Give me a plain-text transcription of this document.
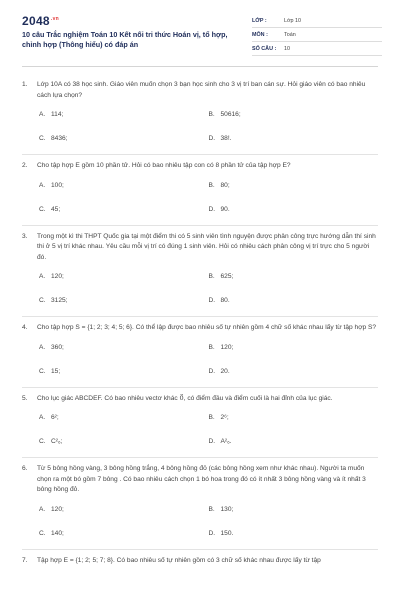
$2048^{.vn}$
10 câu Trắc nghiệm Toán 10 Kết nối tri thức Hoán vị, tổ hợp, chỉnh hợp (Thông hiểu) có đáp án
LỚP :	Lớp 10
MÔN :	Toán
SỐ CÂU :	10
1.	Lớp 10A có 38 học sinh. Giáo viên muốn chọn 3 bạn học sinh cho 3 vị trí ban cán sự. Hỏi giáo viên có bao nhiêu cách lựa chọn?
A. 114;	B. 50616;
C. 8436;	D. 38!.
2.	Cho tập hợp E gồm 10 phần tử. Hỏi có bao nhiêu tập con có 8 phần tử của tập hợp E?
A. 100;	B. 80;
C. 45;	D. 90.
3.	Trong một kì thi THPT Quốc gia tại một điểm thi có 5 sinh viên tình nguyện được phân công trực hướng dẫn thí sinh thi ở 5 vị trí khác nhau. Yêu cầu mỗi vị trí có đúng 1 sinh viên. Hỏi có nhiêu cách phân công vị trí trực cho 5 người đó.
A. 120;	B. 625;
C. 3125;	D. 80.
4.	Cho tập hợp S = {1; 2; 3; 4; 5; 6}. Có thể lập được bao nhiêu số tự nhiên gồm 4 chữ số khác nhau lấy từ tập hợp S?
A. 360;	B. 120;
C. 15;	D. 20.
5.	Cho lục giác ABCDEF. Có bao nhiêu vectơ khác 0⃗, có điểm đầu và điểm cuối là hai đỉnh của lục giác.
A. 6²;	B. 2⁶;
C. C²₆;	D. A²₆.
6.	Từ 5 bông hồng vàng, 3 bông hồng trắng, 4 bông hồng đỏ (các bông hồng xem như khác nhau). Người ta muốn chọn ra một bó gồm 7 bông . Có bao nhiêu cách chọn 1 bó hoa trong đó có ít nhất 3 bông hồng vàng và ít nhất 3 bông hồng đỏ.
A. 120;	B. 130;
C. 140;	D. 150.
7.	Tập hợp E = {1; 2; 5; 7; 8}. Có bao nhiêu số tự nhiên gồm có 3 chữ số khác nhau được lấy từ tập
